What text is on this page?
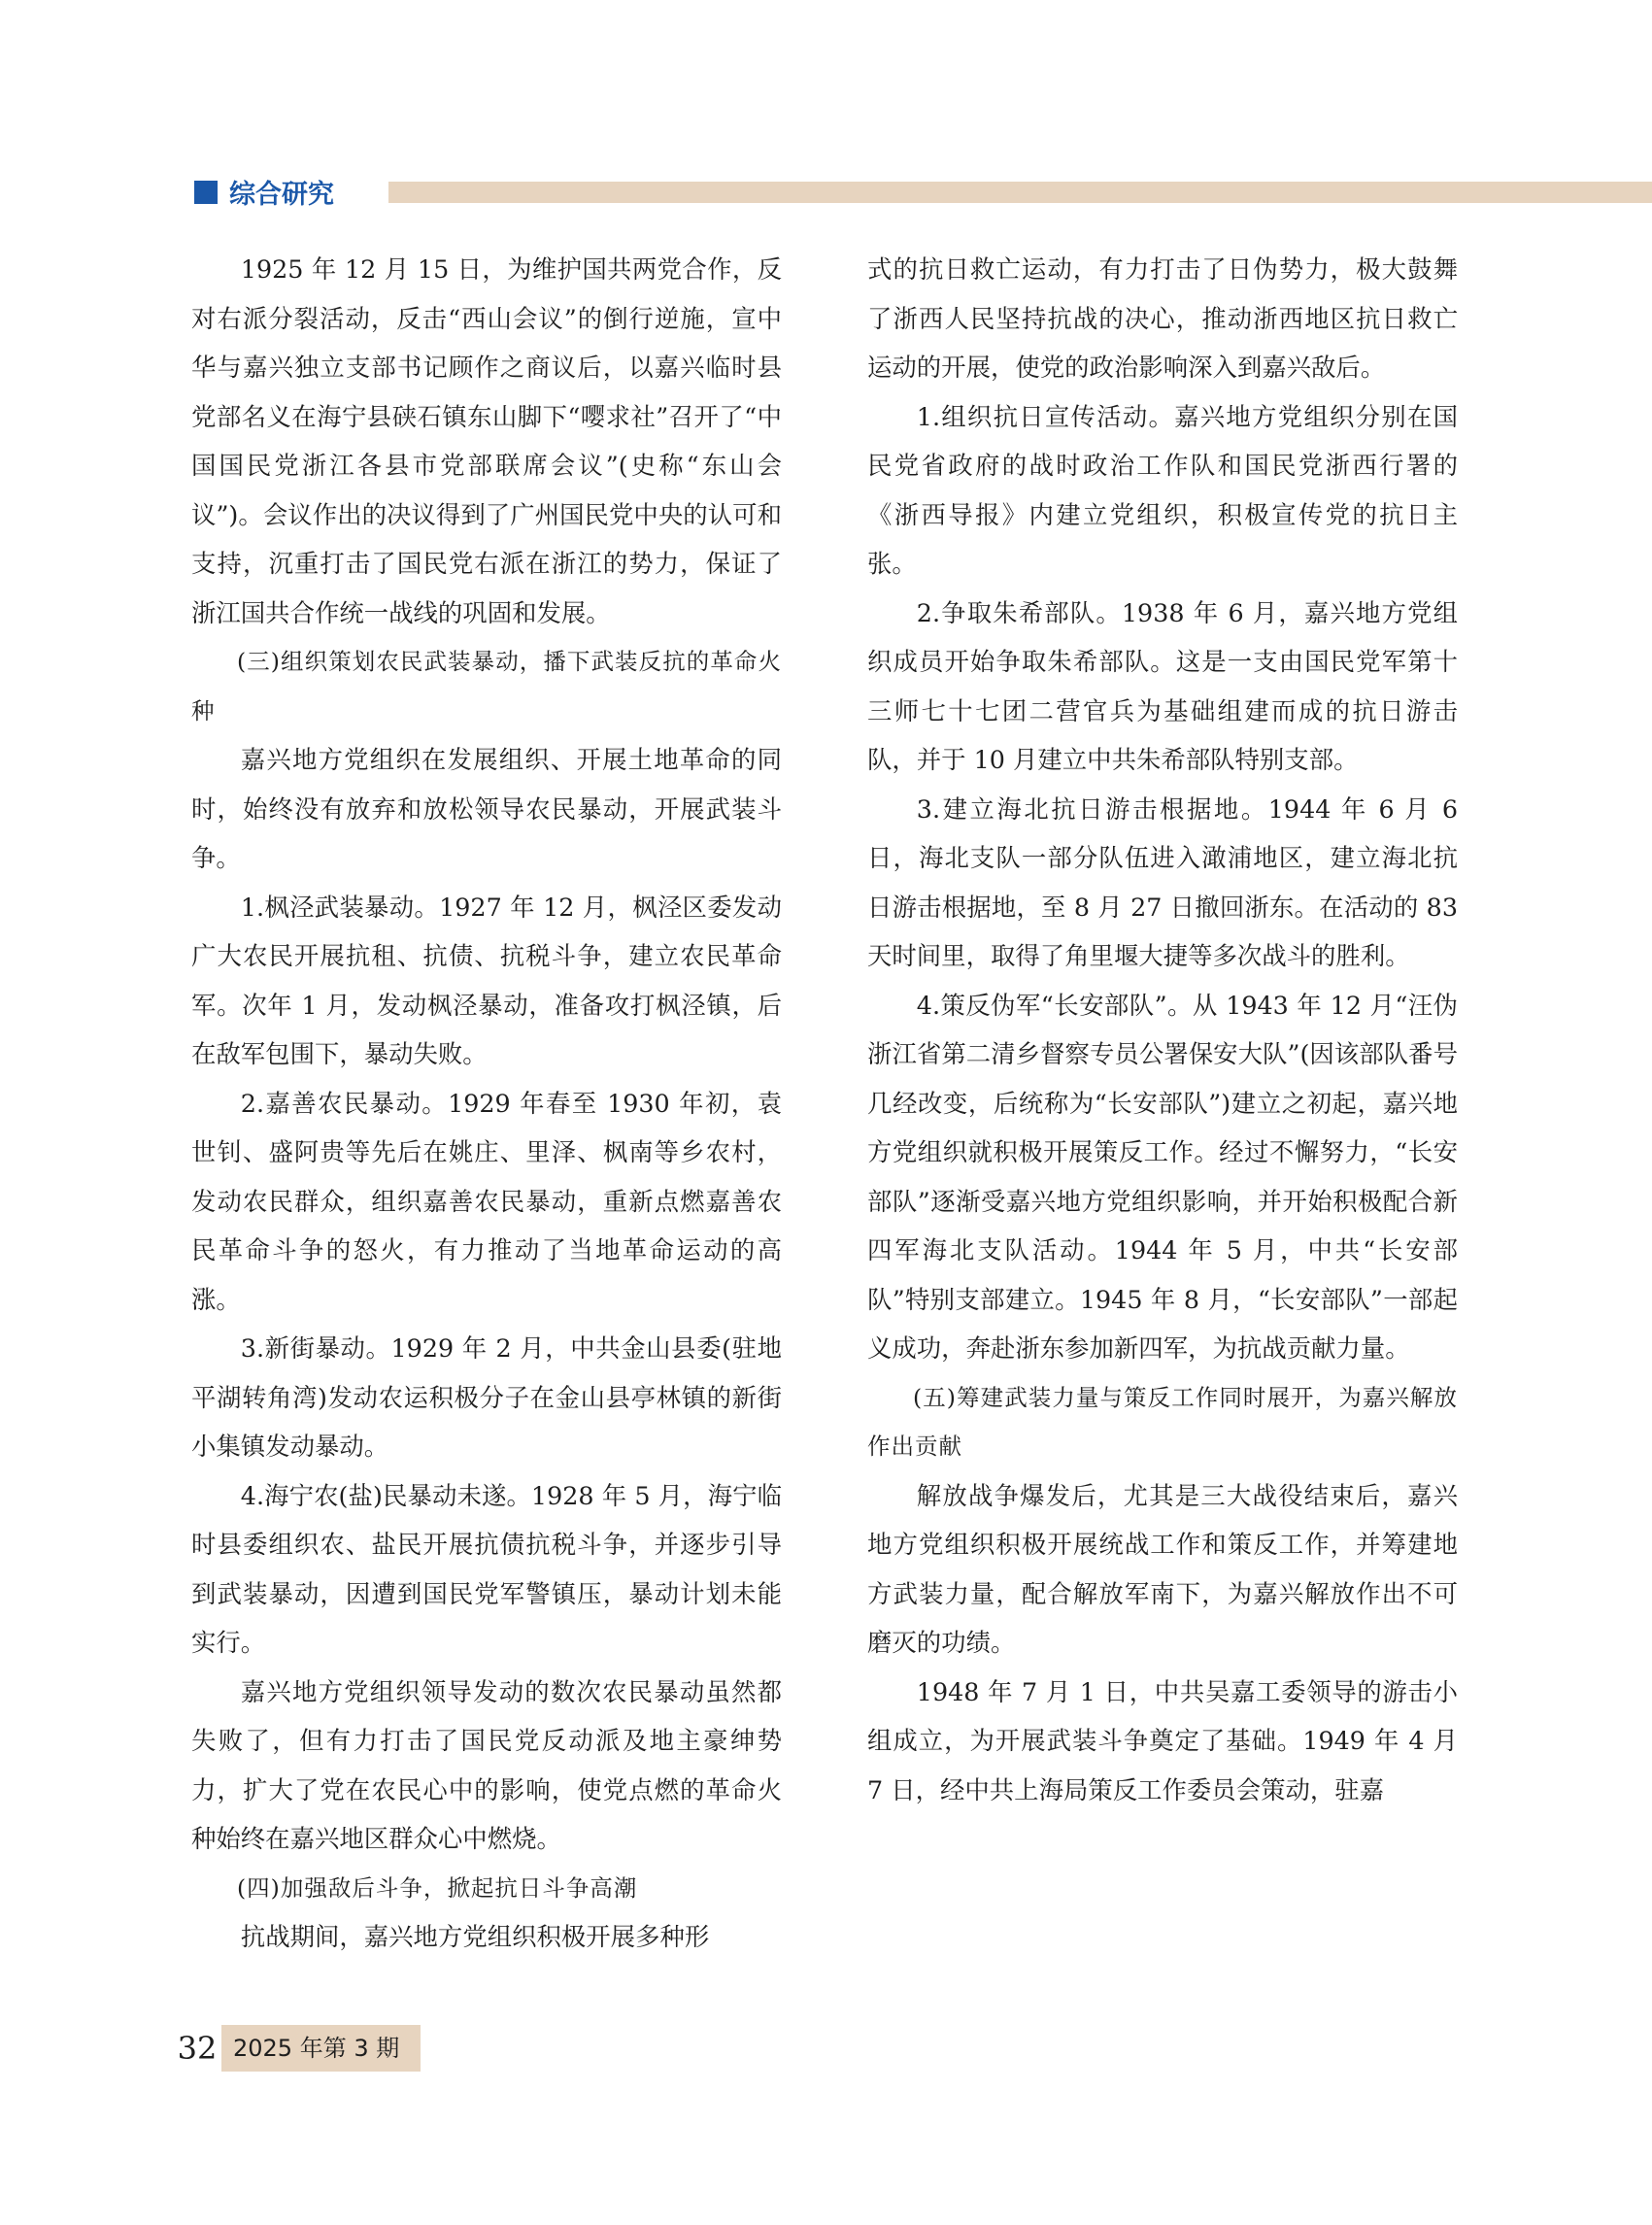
综合研究

1925 年 12 月 15 日，为维护国共两党合作，反对右派分裂活动，反击“西山会议”的倒行逆施，宣中华与嘉兴独立支部书记顾作之商议后，以嘉兴临时县党部名义在海宁县硖石镇东山脚下“嘤求社”召开了“中国国民党浙江各县市党部联席会议”(史称“东山会议”)。会议作出的决议得到了广州国民党中央的认可和支持，沉重打击了国民党右派在浙江的势力，保证了浙江国共合作统一战线的巩固和发展。

(三)组织策划农民武装暴动，播下武装反抗的革命火种

嘉兴地方党组织在发展组织、开展土地革命的同时，始终没有放弃和放松领导农民暴动，开展武装斗争。

1.枫泾武装暴动。1927 年 12 月，枫泾区委发动广大农民开展抗租、抗债、抗税斗争，建立农民革命军。次年 1 月，发动枫泾暴动，准备攻打枫泾镇，后在敌军包围下，暴动失败。

2.嘉善农民暴动。1929 年春至 1930 年初，袁世钊、盛阿贵等先后在姚庄、里泽、枫南等乡农村，发动农民群众，组织嘉善农民暴动，重新点燃嘉善农民革命斗争的怒火，有力推动了当地革命运动的高涨。

3.新街暴动。1929 年 2 月，中共金山县委(驻地平湖转角湾)发动农运积极分子在金山县亭林镇的新街小集镇发动暴动。

4.海宁农(盐)民暴动未遂。1928 年 5 月，海宁临时县委组织农、盐民开展抗债抗税斗争，并逐步引导到武装暴动，因遭到国民党军警镇压，暴动计划未能实行。

嘉兴地方党组织领导发动的数次农民暴动虽然都失败了，但有力打击了国民党反动派及地主豪绅势力，扩大了党在农民心中的影响，使党点燃的革命火种始终在嘉兴地区群众心中燃烧。

(四)加强敌后斗争，掀起抗日斗争高潮

抗战期间，嘉兴地方党组织积极开展多种形

式的抗日救亡运动，有力打击了日伪势力，极大鼓舞了浙西人民坚持抗战的决心，推动浙西地区抗日救亡运动的开展，使党的政治影响深入到嘉兴敌后。

1.组织抗日宣传活动。嘉兴地方党组织分别在国民党省政府的战时政治工作队和国民党浙西行署的《浙西导报》内建立党组织，积极宣传党的抗日主张。

2.争取朱希部队。1938 年 6 月，嘉兴地方党组织成员开始争取朱希部队。这是一支由国民党军第十三师七十七团二营官兵为基础组建而成的抗日游击队，并于 10 月建立中共朱希部队特别支部。

3.建立海北抗日游击根据地。1944 年 6 月 6 日，海北支队一部分队伍进入澉浦地区，建立海北抗日游击根据地，至 8 月 27 日撤回浙东。在活动的 83 天时间里，取得了角里堰大捷等多次战斗的胜利。

4.策反伪军“长安部队”。从 1943 年 12 月“汪伪浙江省第二清乡督察专员公署保安大队”(因该部队番号几经改变，后统称为“长安部队”)建立之初起，嘉兴地方党组织就积极开展策反工作。经过不懈努力，“长安部队”逐渐受嘉兴地方党组织影响，并开始积极配合新四军海北支队活动。1944 年 5 月，中共“长安部队”特别支部建立。1945 年 8 月，“长安部队”一部起义成功，奔赴浙东参加新四军，为抗战贡献力量。

(五)筹建武装力量与策反工作同时展开，为嘉兴解放作出贡献

解放战争爆发后，尤其是三大战役结束后，嘉兴地方党组织积极开展统战工作和策反工作，并筹建地方武装力量，配合解放军南下，为嘉兴解放作出不可磨灭的功绩。

1948 年 7 月 1 日，中共吴嘉工委领导的游击小组成立，为开展武装斗争奠定了基础。1949 年 4 月 7 日，经中共上海局策反工作委员会策动，驻嘉

32 2025 年第 3 期
